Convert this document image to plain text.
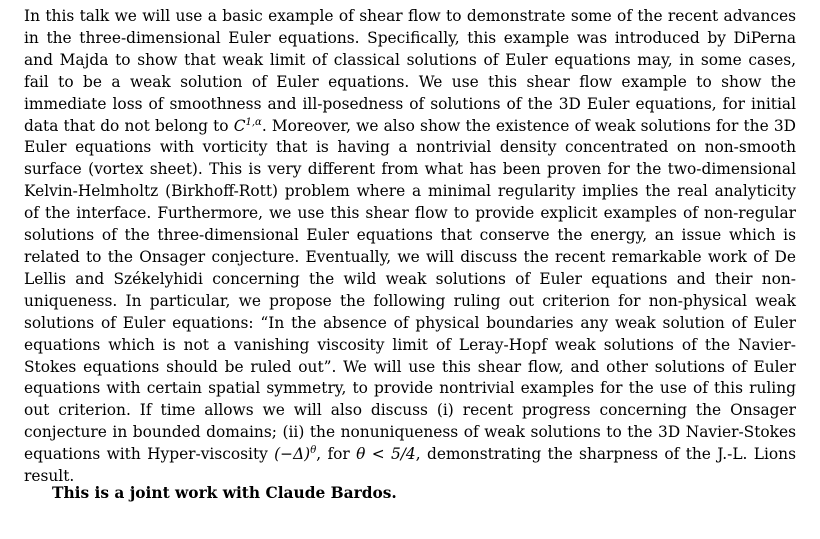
In this talk we will use a basic example of shear flow to demonstrate some of the recent advances in the three-dimensional Euler equations. Specifically, this example was introduced by DiPerna and Majda to show that weak limit of classical solutions of Euler equations may, in some cases, fail to be a weak solution of Euler equations. We use this shear flow example to show the immediate loss of smoothness and ill-posedness of solutions of the 3D Euler equations, for initial data that do not belong to $C^{1,\alpha}$. Moreover, we also show the existence of weak solutions for the 3D Euler equations with vorticity that is having a nontrivial density concentrated on non-smooth surface (vortex sheet). This is very different from what has been proven for the two-dimensional Kelvin-Helmholtz (Birkhoff-Rott) problem where a minimal regularity implies the real analyticity of the interface. Furthermore, we use this shear flow to provide explicit examples of non-regular solutions of the three-dimensional Euler equations that conserve the energy, an issue which is related to the Onsager conjecture. Eventually, we will discuss the recent remarkable work of De Lellis and Székelyhidi concerning the wild weak solutions of Euler equations and their non-uniqueness. In particular, we propose the following ruling out criterion for non-physical weak solutions of Euler equations: “In the absence of physical boundaries any weak solution of Euler equations which is not a vanishing viscosity limit of Leray-Hopf weak solutions of the Navier-Stokes equations should be ruled out”. We will use this shear flow, and other solutions of Euler equations with certain spatial symmetry, to provide nontrivial examples for the use of this ruling out criterion. If time allows we will also discuss (i) recent progress concerning the Onsager conjecture in bounded domains; (ii) the nonuniqueness of weak solutions to the 3D Navier-Stokes equations with Hyper-viscosity $(-\Delta)^\theta$, for θ < 5/4, demonstrating the sharpness of the J.-L. Lions result.

This is a joint work with Claude Bardos.
